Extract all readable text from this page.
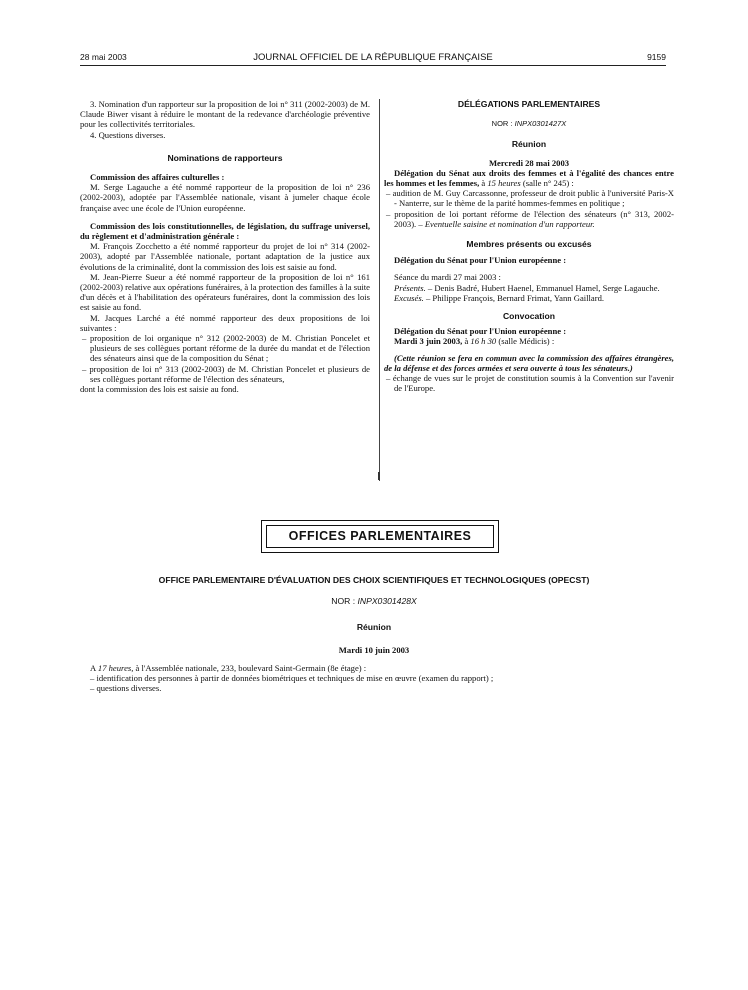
28 mai 2003	JOURNAL OFFICIEL DE LA RÉPUBLIQUE FRANÇAISE	9159

3. Nomination d'un rapporteur sur la proposition de loi n° 311 (2002-2003) de M. Claude Biwer visant à réduire le montant de la redevance d'archéologie préventive pour les collectivités territoriales.

4. Questions diverses.

Nominations de rapporteurs

Commission des affaires culturelles :

M. Serge Lagauche a été nommé rapporteur de la proposition de loi n° 236 (2002-2003), adoptée par l'Assemblée nationale, visant à jumeler chaque école française avec une école de l'Union européenne.

Commission des lois constitutionnelles, de législation, du suffrage universel, du règlement et d'administration générale :

M. François Zocchetto a été nommé rapporteur du projet de loi n° 314 (2002-2003), adopté par l'Assemblée nationale, portant adaptation de la justice aux évolutions de la criminalité, dont la commission des lois est saisie au fond.

M. Jean-Pierre Sueur a été nommé rapporteur de la proposition de loi n° 161 (2002-2003) relative aux opérations funéraires, à la protection des familles à la suite d'un décès et à l'habilitation des opérateurs funéraires, dont la commission des lois est saisie au fond.

M. Jacques Larché a été nommé rapporteur des deux propositions de loi suivantes :

– proposition de loi organique n° 312 (2002-2003) de M. Christian Poncelet et plusieurs de ses collègues portant réforme de la durée du mandat et de l'élection des sénateurs ainsi que de la composition du Sénat ;

– proposition de loi n° 313 (2002-2003) de M. Christian Poncelet et plusieurs de ses collègues portant réforme de l'élection des sénateurs,

dont la commission des lois est saisie au fond.

DÉLÉGATIONS PARLEMENTAIRES
NOR : INPX0301427X
Réunion
Mercredi 28 mai 2003

Délégation du Sénat aux droits des femmes et à l'égalité des chances entre les hommes et les femmes, à 15 heures (salle n° 245) :

– audition de M. Guy Carcassonne, professeur de droit public à l'université Paris-X - Nanterre, sur le thème de la parité hommes-femmes en politique ;

– proposition de loi portant réforme de l'élection des sénateurs (n° 313, 2002-2003). – Eventuelle saisine et nomination d'un rapporteur.

Membres présents ou excusés

Délégation du Sénat pour l'Union européenne :

Séance du mardi 27 mai 2003 :

Présents. – Denis Badré, Hubert Haenel, Emmanuel Hamel, Serge Lagauche.

Excusés. – Philippe François, Bernard Frimat, Yann Gaillard.

Convocation

Délégation du Sénat pour l'Union européenne :

Mardi 3 juin 2003, à 16 h 30 (salle Médicis) :

(Cette réunion se fera en commun avec la commission des affaires étrangères, de la défense et des forces armées et sera ouverte à tous les sénateurs.)

– échange de vues sur le projet de constitution soumis à la Convention sur l'avenir de l'Europe.

OFFICES PARLEMENTAIRES
OFFICE PARLEMENTAIRE D'ÉVALUATION DES CHOIX SCIENTIFIQUES ET TECHNOLOGIQUES (OPECST)
NOR : INPX0301428X
Réunion
Mardi 10 juin 2003

A 17 heures, à l'Assemblée nationale, 233, boulevard Saint-Germain (8e étage) :

– identification des personnes à partir de données biométriques et techniques de mise en œuvre (examen du rapport) ;

– questions diverses.
